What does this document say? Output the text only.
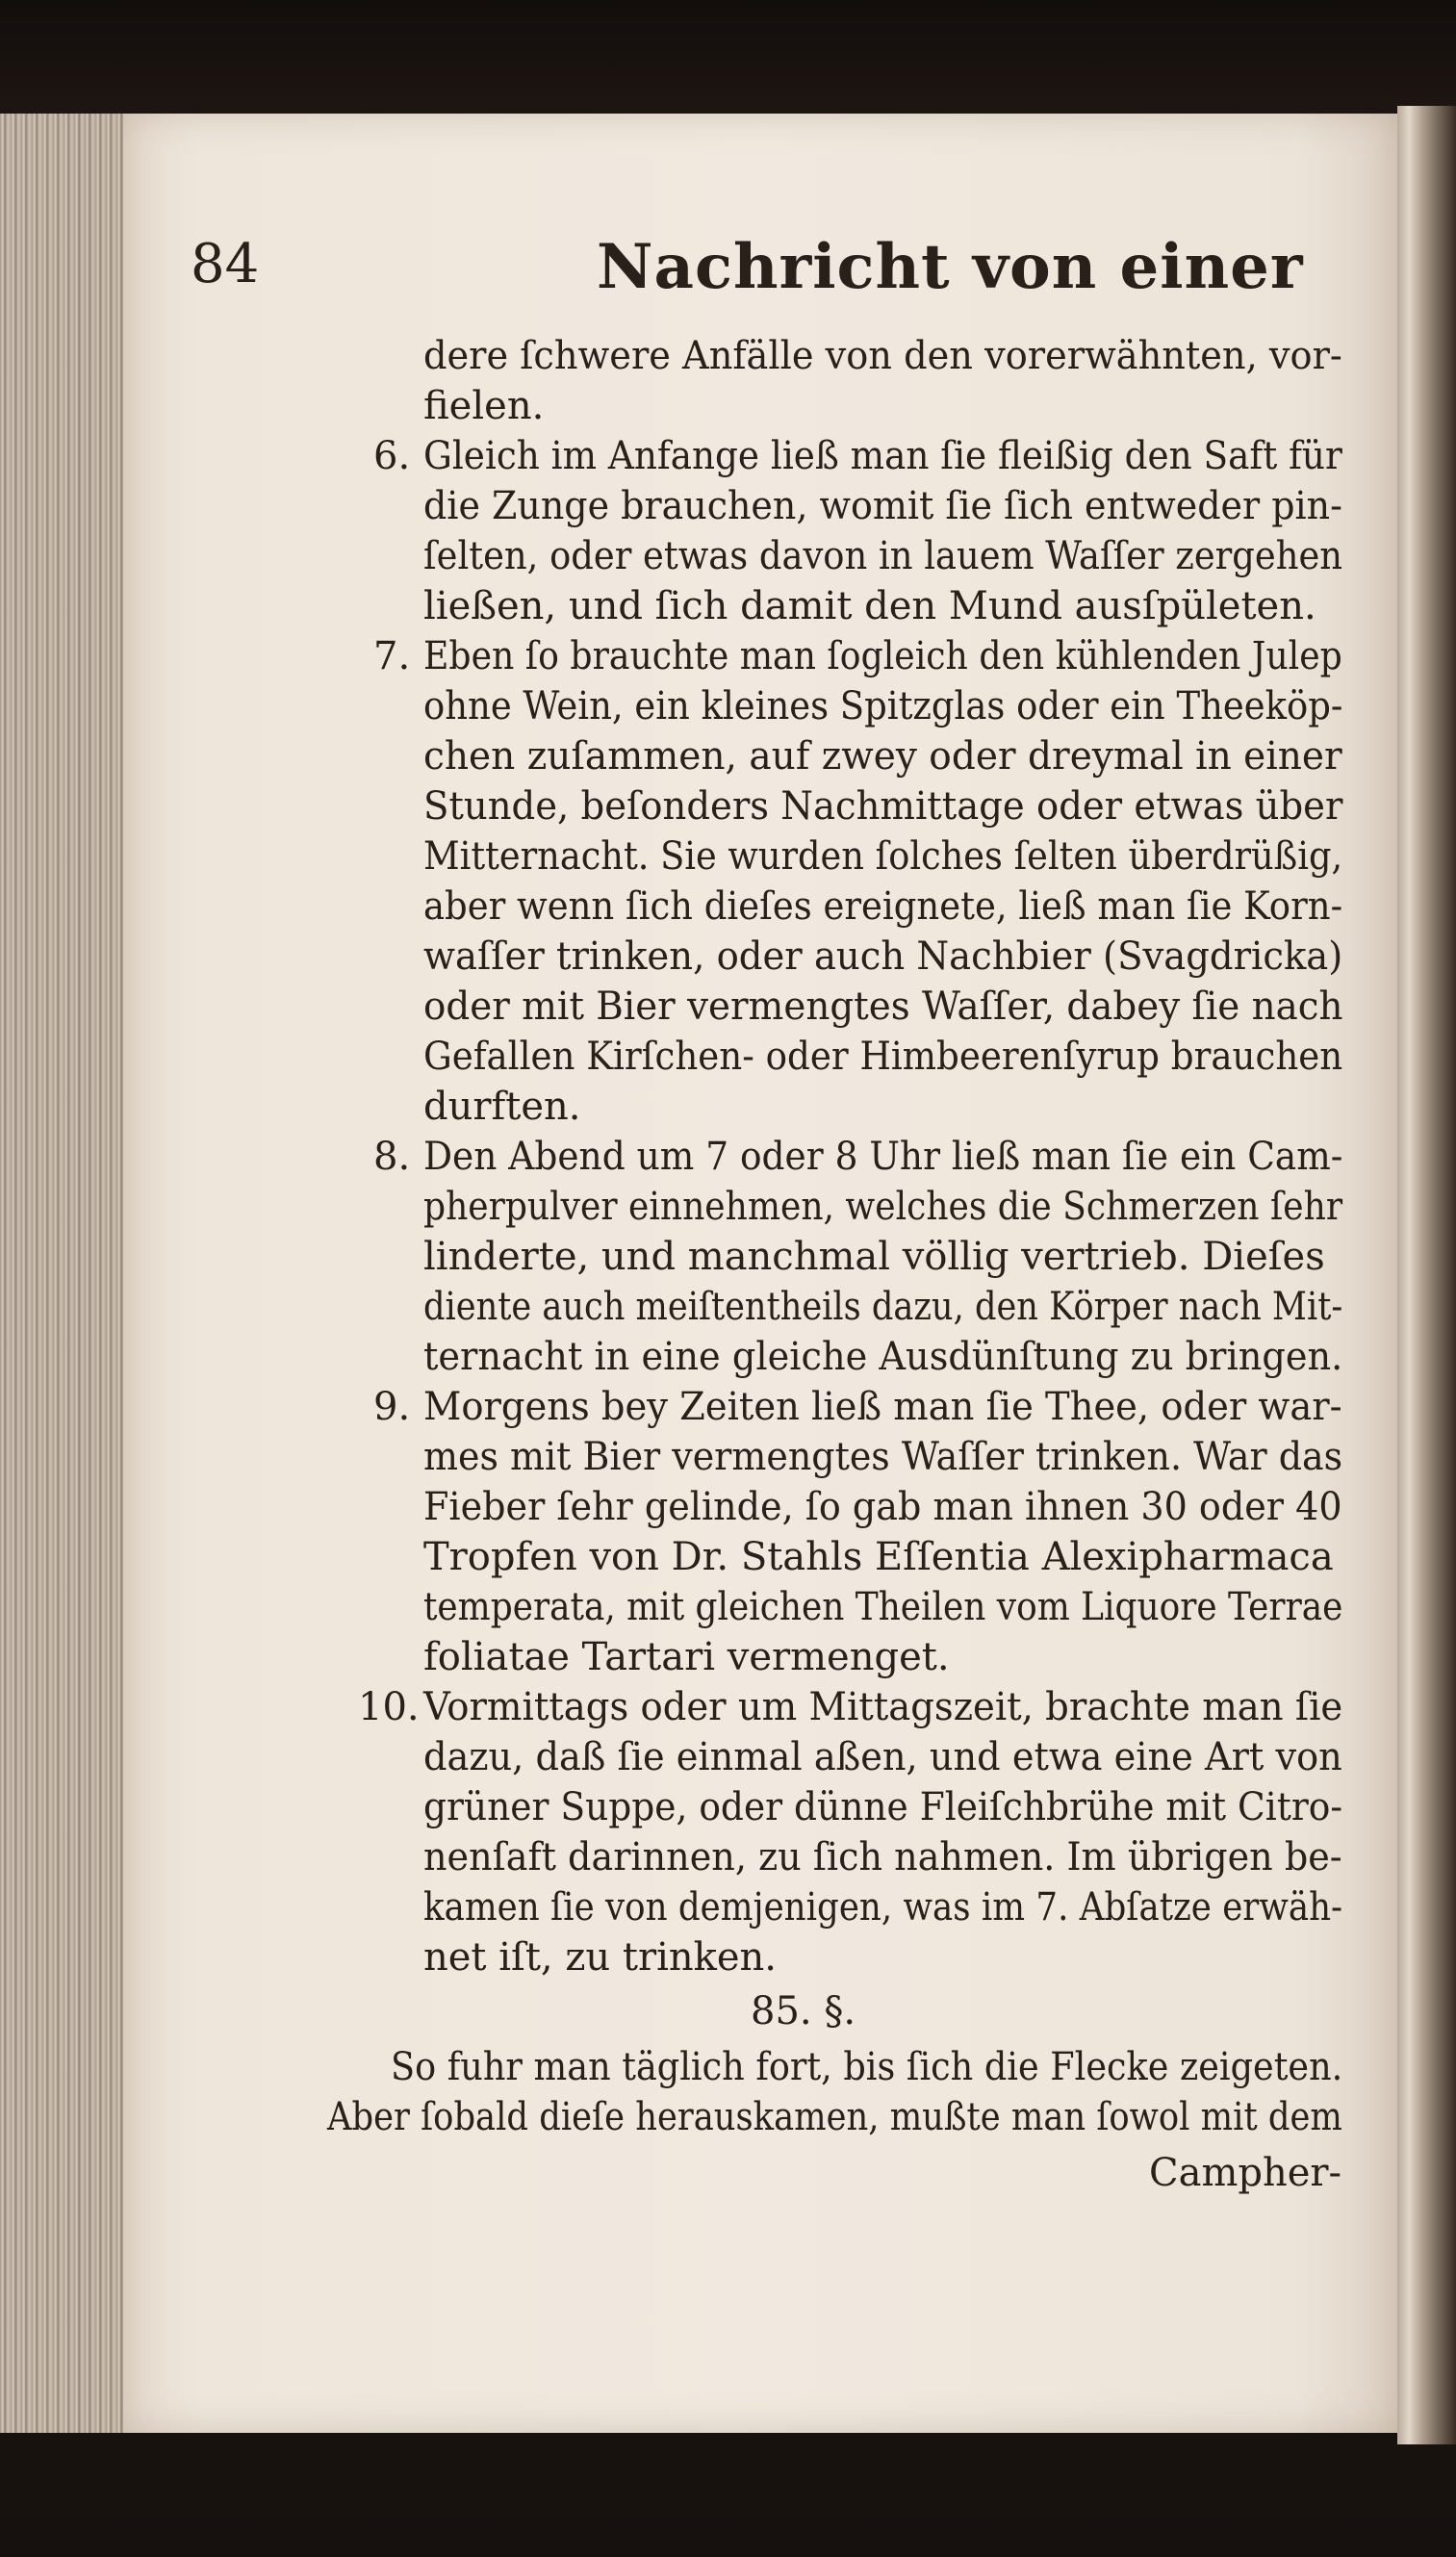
84	Nachricht von einer
dere ſchwere Anfälle von den vorerwähnten, vor-
fielen.
6. Gleich im Anfange ließ man ſie fleißig den Saft für
die Zunge brauchen, womit ſie ſich entweder pin-
ſelten, oder etwas davon in lauem Waſſer zergehen
ließen, und ſich damit den Mund ausſpületen.
7. Eben ſo brauchte man ſogleich den kühlenden Julep
ohne Wein, ein kleines Spitzglas oder ein Theeköp-
chen zuſammen, auf zwey oder dreymal in einer
Stunde, beſonders Nachmittage oder etwas über
Mitternacht. Sie wurden ſolches ſelten überdrüßig,
aber wenn ſich dieſes ereignete, ließ man ſie Korn-
waſſer trinken, oder auch Nachbier (Svagdricka)
oder mit Bier vermengtes Waſſer, dabey ſie nach
Gefallen Kirſchen- oder Himbeerenſyrup brauchen
durften.
8. Den Abend um 7 oder 8 Uhr ließ man ſie ein Cam-
pherpulver einnehmen, welches die Schmerzen ſehr
linderte, und manchmal völlig vertrieb. Dieſes
diente auch meiſtentheils dazu, den Körper nach Mit-
ternacht in eine gleiche Ausdünſtung zu bringen.
9. Morgens bey Zeiten ließ man ſie Thee, oder war-
mes mit Bier vermengtes Waſſer trinken. War das
Fieber ſehr gelinde, ſo gab man ihnen 30 oder 40
Tropfen von Dr. Stahls Eſſentia Alexipharmaca
temperata, mit gleichen Theilen vom Liquore Terrae
foliatae Tartari vermenget.
10. Vormittags oder um Mittagszeit, brachte man ſie
dazu, daß ſie einmal aßen, und etwa eine Art von
grüner Suppe, oder dünne Fleiſchbrühe mit Citro-
nenſaft darinnen, zu ſich nahmen. Im übrigen be-
kamen ſie von demjenigen, was im 7. Abſatze erwäh-
net iſt, zu trinken.
85. §.
So fuhr man täglich fort, bis ſich die Flecke zeigeten.
Aber ſobald dieſe herauskamen, mußte man ſowol mit dem
Campher-
